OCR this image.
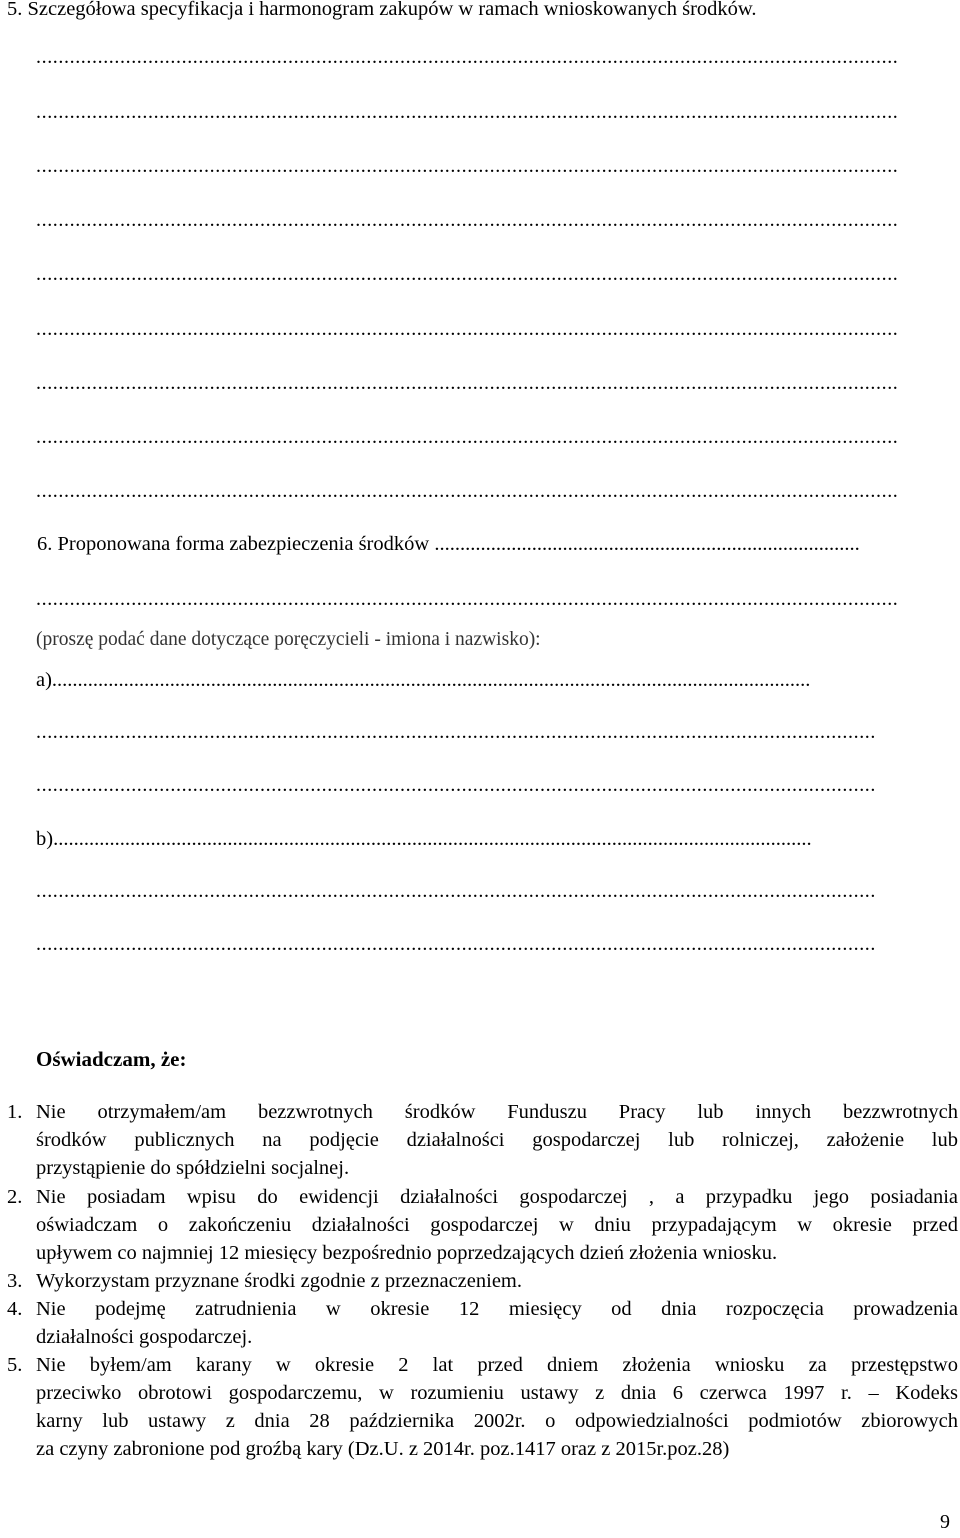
5. Szczegółowa specyfikacja i harmonogram zakupów w ramach wnioskowanych środków.
..........................................................................................................................................................
..........................................................................................................................................................
..........................................................................................................................................................
..........................................................................................................................................................
..........................................................................................................................................................
..........................................................................................................................................................
..........................................................................................................................................................
..........................................................................................................................................................
..........................................................................................................................................................
6. Proponowana forma zabezpieczenia środków ...................................................................................
..........................................................................................................................................................
(proszę podać dane dotyczące poręczycieli - imiona i nazwisko):
a)....................................................................................................................................................
......................................................................................................................................................
......................................................................................................................................................
b)....................................................................................................................................................
......................................................................................................................................................
......................................................................................................................................................
Oświadczam, że:
1. Nie otrzymałem/am bezzwrotnych środków Funduszu Pracy lub innych bezzwrotnych
środków publicznych na podjęcie działalności gospodarczej lub rolniczej, założenie lub
przystąpienie do spółdzielni socjalnej.
2. Nie posiadam wpisu do ewidencji działalności gospodarczej , a przypadku jego posiadania
oświadczam o zakończeniu działalności gospodarczej w dniu przypadającym w okresie przed
upływem co najmniej 12 miesięcy bezpośrednio poprzedzających dzień złożenia wniosku.
3. Wykorzystam przyznane środki zgodnie z przeznaczeniem.
4. Nie podejmę zatrudnienia w okresie 12 miesięcy od dnia rozpoczęcia prowadzenia
działalności gospodarczej.
5. Nie byłem/am karany w okresie 2 lat przed dniem złożenia wniosku za przestępstwo
przeciwko obrotowi gospodarczemu, w rozumieniu ustawy z dnia 6 czerwca 1997 r. – Kodeks
karny lub ustawy z dnia 28 października 2002r. o odpowiedzialności podmiotów zbiorowych
za czyny zabronione pod groźbą kary (Dz.U. z 2014r. poz.1417 oraz z 2015r.poz.28)
9
